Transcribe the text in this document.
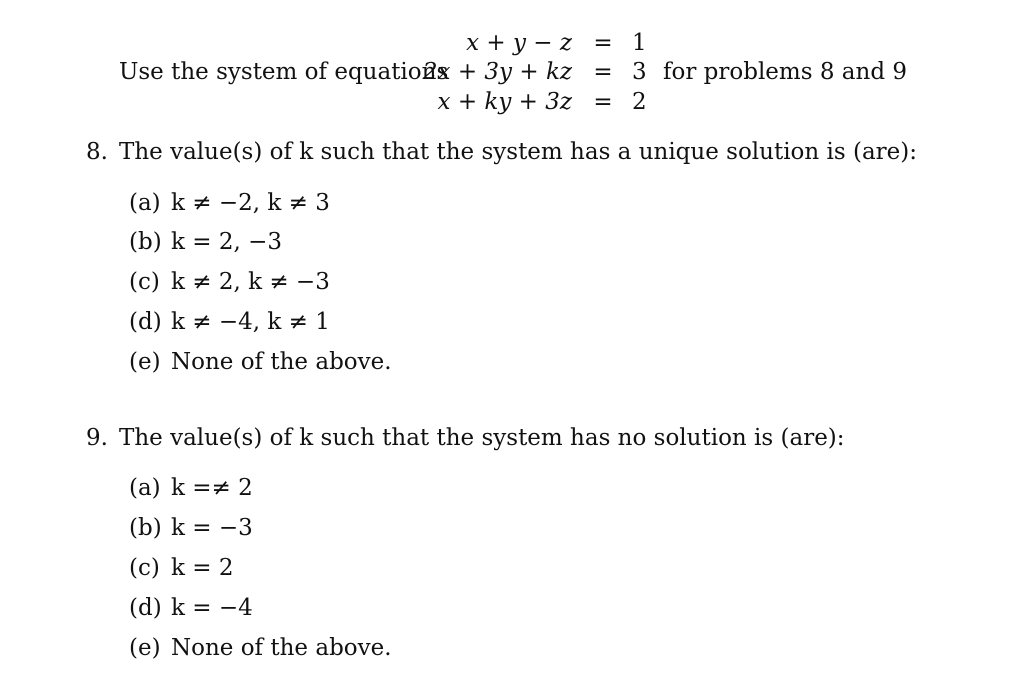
Use the system of equations
x + y − z = 1
2x + 3y + kz = 3
x + ky + 3z = 2
for problems 8 and 9
8. The value(s) of k such that the system has a unique solution is (are):
(a) k ≠ −2, k ≠ 3
(b) k = 2, −3
(c) k ≠ 2, k ≠ −3
(d) k ≠ −4, k ≠ 1
(e) None of the above.
9. The value(s) of k such that the system has no solution is (are):
(a) k =≠ 2
(b) k = −3
(c) k = 2
(d) k = −4
(e) None of the above.
